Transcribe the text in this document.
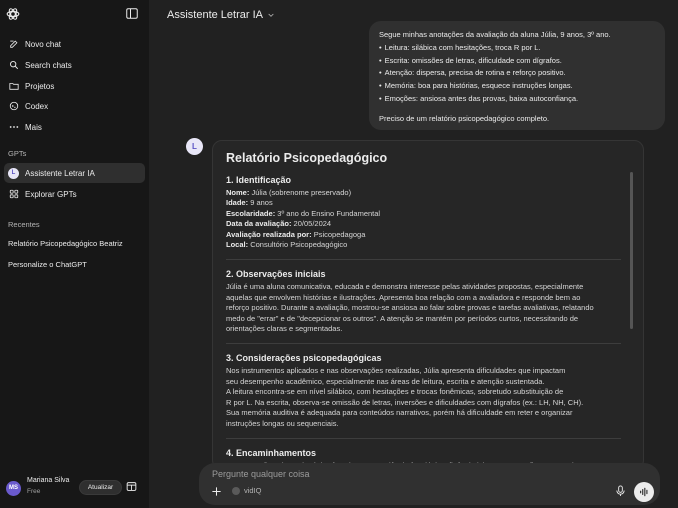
Novo chat
Search chats
Projetos
Codex
Mais
GPTs
L	Assistente Letrar IA
Explorar GPTs
Recentes
Relatório Psicopedagógico Beatriz
Personalize o ChatGPT
MS
Mariana Silva
Free
Atualizar
Assistente Letrar IA
Segue minhas anotações da avaliação da aluna Júlia, 9 anos, 3º ano.
• Leitura: silábica com hesitações, troca R por L.
• Escrita: omissões de letras, dificuldade com dígrafos.
• Atenção: dispersa, precisa de rotina e reforço positivo.
• Memória: boa para histórias, esquece instruções longas.
• Emoções: ansiosa antes das provas, baixa autoconfiança.
Preciso de um relatório psicopedagógico completo.
L
Relatório Psicopedagógico
1. Identificação
Nome: Júlia (sobrenome preservado)
Idade: 9 anos
Escolaridade: 3º ano do Ensino Fundamental
Data da avaliação: 20/05/2024
Avaliação realizada por: Psicopedagoga
Local: Consultório Psicopedagógico
2. Observações iniciais

Júlia é uma aluna comunicativa, educada e demonstra interesse pelas atividades propostas, especialmente

aquelas que envolvem histórias e ilustrações. Apresenta boa relação com a avaliadora e responde bem ao

reforço positivo. Durante a avaliação, mostrou-se ansiosa ao falar sobre provas e tarefas avaliativas, relatando

medo de "errar" e de "decepcionar os outros". A atenção se mantém por períodos curtos, necessitando de

orientações claras e segmentadas.

3. Considerações psicopedagógicas

Nos instrumentos aplicados e nas observações realizadas, Júlia apresenta dificuldades que impactam

seu desempenho acadêmico, especialmente nas áreas de leitura, escrita e atenção sustentada.

A leitura encontra-se em nível silábico, com hesitações e trocas fonêmicas, sobretudo substituição de

R por L. Na escrita, observa-se omissão de letras, inversões e dificuldades com dígrafos (ex.: LH, NH, CH).

Sua memória auditiva é adequada para conteúdos narrativos, porém há dificuldade em reter e organizar

instruções longas ou sequenciais.

4. Encaminhamentos
•
Pergunte qualquer coisa
vidIQ
